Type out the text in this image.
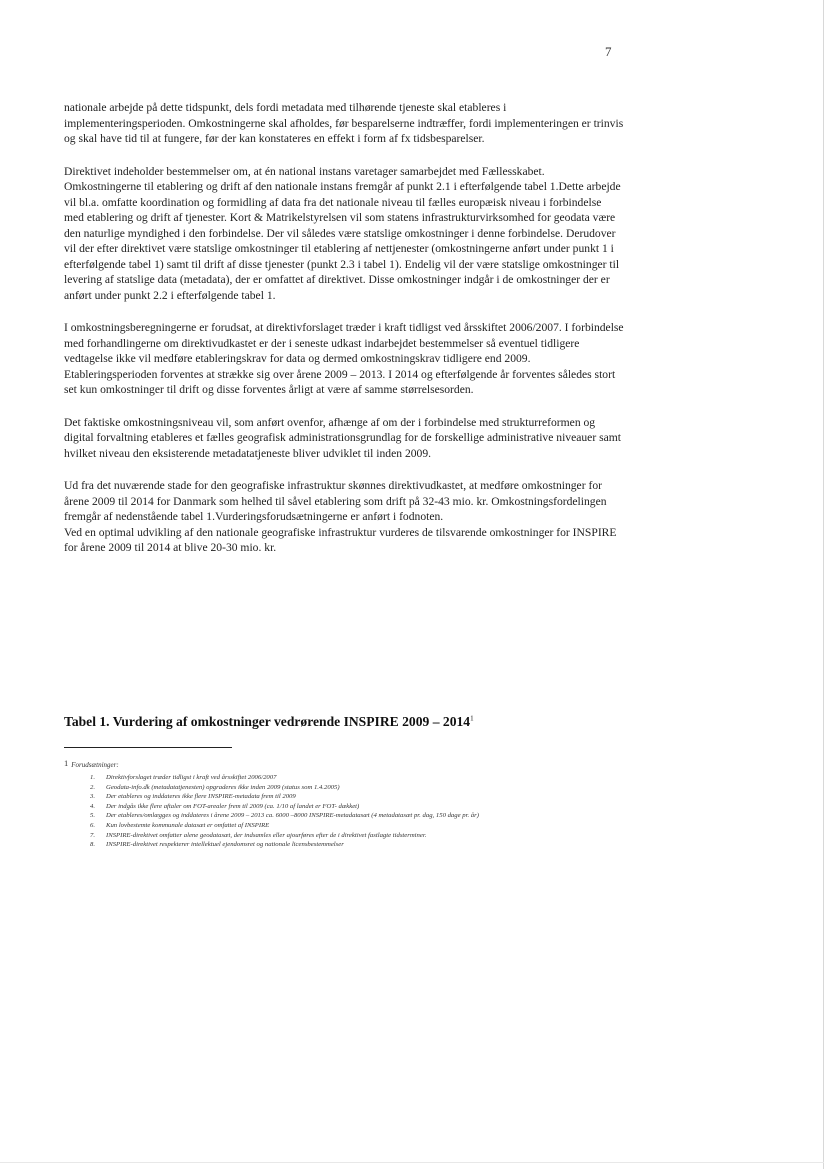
7

nationale arbejde på dette tidspunkt, dels fordi metadata med tilhørende tjeneste skal etableres i implementeringsperioden. Omkostningerne skal afholdes, før besparelserne indtræffer, fordi implementeringen er trinvis og skal have tid til at fungere, før der kan konstateres en effekt i form af fx tidsbesparelser.

Direktivet indeholder bestemmelser om, at én national instans varetager samarbejdet med Fællesskabet. Omkostningerne til etablering og drift af den nationale instans fremgår af punkt 2.1 i efterfølgende tabel 1.Dette arbejde vil bl.a. omfatte koordination og formidling af data fra det nationale niveau til fælles europæisk niveau i forbindelse med etablering og drift af tjenester. Kort & Matrikelstyrelsen vil som statens infrastrukturvirksomhed for geodata være den naturlige myndighed i den forbindelse. Der vil således være statslige omkostninger i denne forbindelse. Derudover vil der efter direktivet være statslige omkostninger til etablering af nettjenester (omkostningerne anført under punkt 1 i efterfølgende tabel 1) samt til drift af disse tjenester (punkt 2.3 i tabel 1). Endelig vil der være statslige omkostninger til levering af statslige data (metadata), der er omfattet af direktivet. Disse omkostninger indgår i de omkostninger der er anført under punkt 2.2 i efterfølgende tabel 1.

I omkostningsberegningerne er forudsat, at direktivforslaget træder i kraft tidligst ved årsskiftet 2006/2007. I forbindelse med forhandlingerne om direktivudkastet er der i seneste udkast indarbejdet bestemmelser så eventuel tidligere vedtagelse ikke vil medføre etableringskrav for data og dermed omkostningskrav tidligere end 2009. Etableringsperioden forventes at strække sig over årene 2009 – 2013. I 2014 og efterfølgende år forventes således stort set kun omkostninger til drift og disse forventes årligt at være af samme størrelsesorden.

Det faktiske omkostningsniveau vil, som anført ovenfor, afhænge af om der i forbindelse med strukturreformen og digital forvaltning etableres et fælles geografisk administrationsgrundlag for de forskellige administrative niveauer samt hvilket niveau den eksisterende metadatatjeneste bliver udviklet til inden 2009.

Ud fra det nuværende stade for den geografiske infrastruktur skønnes direktivudkastet, at medføre omkostninger for årene 2009 til 2014 for Danmark som helhed til såvel etablering som drift på 32-43 mio. kr. Omkostningsfordelingen fremgår af nedenstående tabel 1.Vurderingsforudsætningerne er anført i fodnoten.

Ved en optimal udvikling af den nationale geografiske infrastruktur vurderes de tilsvarende omkostninger for INSPIRE for årene 2009 til 2014 at blive 20-30 mio. kr.

Tabel 1. Vurdering af omkostninger vedrørende INSPIRE 2009 – 2014$^1$

1 Forudsætninger:

1. Direktivforslaget træder tidligst i kraft ved årsskiftet 2006/2007
2. Geodata-info.dk (metadatatjenesten) opgraderes ikke inden 2009 (status som 1.4.2005)
3. Der etableres og inddateres ikke flere INSPIRE-metadata frem til 2009
4. Der indgås ikke flere aftaler om FOT-arealer frem til 2009 (ca. 1/10 af landet er FOT- dækket)
5. Der etableres/omlægges og inddateres i årene 2009 – 2013 ca. 6000 –8000 INSPIRE-metadatasæt (4 metadatasæt pr. dag, 150 dage pr. år)
6. Kun lovbestemte kommunale datasæt er omfattet af INSPIRE
7. INSPIRE-direktivet omfatter alene geodatasæt, der indsamles eller ajourføres efter de i direktivet fastlagte tidsterminer.
8. INSPIRE-direktivet respekterer intellektuel ejendomsret og nationale licensbestemmelser
